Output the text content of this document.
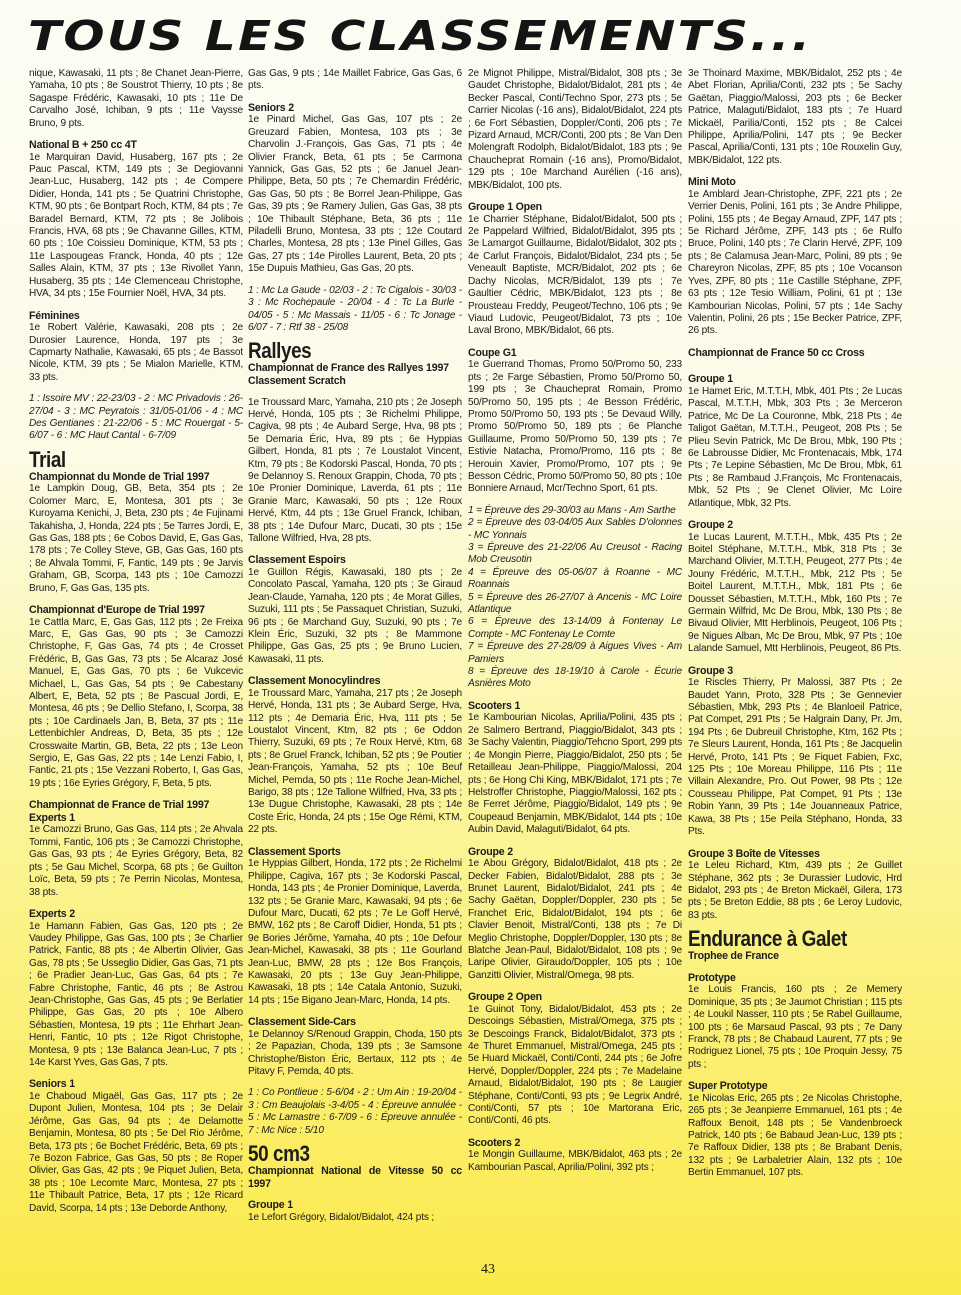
TOUS LES CLASSEMENTS...

nique, Kawasaki, 11 pts ; 8e Chanet Jean-Pierre, Yamaha, 10 pts ; 8e Soustrot Thierry, 10 pts ; 8e Sagaspe Frédéric, Kawasaki, 10 pts ; 11e De Carvalho José, Ichiban, 9 pts ; 11e Vaysse Bruno, 9 pts.

National B + 250 cc 4T

1e Marquiran David, Husaberg, 167 pts ; 2e Pauc Pascal, KTM, 149 pts ; 3e Degiovanni Jean-Luc, Husaberg, 142 pts ; 4e Compere Didier, Honda, 141 pts ; 5e Quatrini Christophe, KTM, 90 pts ; 6e Bontpart Roch, KTM, 84 pts ; 7e Baradel Bernard, KTM, 72 pts ; 8e Jolibois Francis, HVA, 68 pts ; 9e Chavanne Gilles, KTM, 60 pts ; 10e Coissieu Dominique, KTM, 53 pts ; 11e Laspougeas Franck, Honda, 40 pts ; 12e Salles Alain, KTM, 37 pts ; 13e Rivollet Yann, Husaberg, 35 pts ; 14e Clemenceau Christophe, HVA, 34 pts ; 15e Fournier Noël, HVA, 34 pts.

Féminines

1e Robert Valérie, Kawasaki, 208 pts ; 2e Durosier Laurence, Honda, 197 pts ; 3e Capmarty Nathalie, Kawasaki, 65 pts ; 4e Bassot Nicole, KTM, 39 pts ; 5e Mialon Marielle, KTM, 33 pts.

1 : Issoire MV : 22-23/03 - 2 : MC Privadovis : 26-27/04 - 3 : MC Peyratois : 31/05-01/06 - 4 : MC Des Gentianes : 21-22/06 - 5 : MC Rouergat - 5-6/07 - 6 : MC Haut Cantal - 6-7/09

Trial
Championnat du Monde de Trial 1997

1e Lampkin Doug, GB, Beta, 354 pts ; 2e Colomer Marc, E, Montesa, 301 pts ; 3e Kuroyama Kenichi, J, Beta, 230 pts ; 4e Fujinami Takahisha, J, Honda, 224 pts ; 5e Tarres Jordi, E, Gas Gas, 188 pts ; 6e Cobos David, E, Gas Gas, 178 pts ; 7e Colley Steve, GB, Gas Gas, 160 pts ; 8e Ahvala Tommi, F, Fantic, 149 pts ; 9e Jarvis Graham, GB, Scorpa, 143 pts ; 10e Camozzi Bruno, F, Gas Gas, 135 pts.

Championnat d'Europe de Trial 1997

1e Cattla Marc, E, Gas Gas, 112 pts ; 2e Freixa Marc, E, Gas Gas, 90 pts ; 3e Camozzi Christophe, F, Gas Gas, 74 pts ; 4e Crosset Frédéric, B, Gas Gas, 73 pts ; 5e Alcaraz José Manuel, E, Gas Gas, 70 pts ; 6e Vukcevic Michael, L, Gas Gas, 54 pts ; 9e Cabestany Albert, E, Beta, 52 pts ; 8e Pascual Jordi, E, Montesa, 46 pts ; 9e Dellio Stefano, I, Scorpa, 38 pts ; 10e Cardinaels Jan, B, Beta, 37 pts ; 11e Lettenbichler Andreas, D, Beta, 35 pts ; 12e Crosswaite Martin, GB, Beta, 22 pts ; 13e Leon Sergio, E, Gas Gas, 22 pts ; 14e Lenzi Fabio, I, Fantic, 21 pts ; 15e Vezzani Roberto, I, Gas Gas, 19 pts ; 16e Eyries Grégory, F, Beta, 5 pts.

Championnat de France de Trial 1997
Experts 1

1e Camozzi Bruno, Gas Gas, 114 pts ; 2e Ahvala Tommi, Fantic, 106 pts ; 3e Camozzi Christophe, Gas Gas, 93 pts ; 4e Eyries Grégory, Beta, 82 pts ; 5e Gau Michel, Scorpa, 68 pts ; 6e Guilton Loïc, Beta, 59 pts ; 7e Perrin Nicolas, Montesa, 38 pts.

Experts 2

1e Hamann Fabien, Gas Gas, 120 pts ; 2e Vaudey Philippe, Gas Gas, 100 pts ; 3e Charlier Patrick, Fantic, 88 pts ; 4e Albertin Olivier, Gas Gas, 78 pts ; 5e Usseglio Didier, Gas Gas, 71 pts ; 6e Pradier Jean-Luc, Gas Gas, 64 pts ; 7e Fabre Christophe, Fantic, 46 pts ; 8e Astrou Jean-Christophe, Gas Gas, 45 pts ; 9e Berlatier Philippe, Gas Gas, 20 pts ; 10e Albero Sébastien, Montesa, 19 pts ; 11e Ehrhart Jean-Henri, Fantic, 10 pts ; 12e Rigot Christophe, Montesa, 9 pts ; 13e Balanca Jean-Luc, 7 pts ; 14e Karst Yves, Gas Gas, 7 pts.

Seniors 1

1e Chaboud Migaël, Gas Gas, 117 pts ; 2e Dupont Julien, Montesa, 104 pts ; 3e Delair Jérôme, Gas Gas, 94 pts ; 4e Delamotte Benjamin, Montesa, 80 pts ; 5e Del Rio Jérôme, Beta, 173 pts ; 6e Bochet Frédéric, Beta, 69 pts ; 7e Bozon Fabrice, Gas Gas, 50 pts ; 8e Roper Olivier, Gas Gas, 42 pts ; 9e Piquet Julien, Beta, 38 pts ; 10e Lecomte Marc, Montesa, 27 pts ; 11e Thibault Patrice, Beta, 17 pts ; 12e Ricard David, Scorpa, 14 pts ; 13e Deborde Anthony,

Gas Gas, 9 pts ; 14e Maillet Fabrice, Gas Gas, 6 pts.

Seniors 2

1e Pinard Michel, Gas Gas, 107 pts ; 2e Greuzard Fabien, Montesa, 103 pts ; 3e Charvolin J.-François, Gas Gas, 71 pts ; 4e Olivier Franck, Beta, 61 pts ; 5e Carmona Yannick, Gas Gas, 52 pts ; 6e Januel Jean-Philippe, Beta, 50 pts ; 7e Chemardin Frédéric, Gas Gas, 50 pts ; 8e Borrel Jean-Philippe, Gas Gas, 39 pts ; 9e Ramery Julien, Gas Gas, 38 pts ; 10e Thibault Stéphane, Beta, 36 pts ; 11e Piladelli Bruno, Montesa, 33 pts ; 12e Coutard Charles, Montesa, 28 pts ; 13e Pinel Gilles, Gas Gas, 27 pts ; 14e Pirolles Laurent, Beta, 20 pts ; 15e Dupuis Mathieu, Gas Gas, 20 pts.

1 : Mc La Gaude - 02/03 - 2 : Tc Cigalois - 30/03 - 3 : Mc Rochepaule - 20/04 - 4 : Tc La Burle - 04/05 - 5 : Mc Massais - 11/05 - 6 : Tc Jonage - 6/07 - 7 : Rtf 38 - 25/08

Rallyes
Championnat de France des Rallyes 1997
Classement Scratch

1e Troussard Marc, Yamaha, 210 pts ; 2e Joseph Hervé, Honda, 105 pts ; 3e Richelmi Philippe, Cagiva, 98 pts ; 4e Aubard Serge, Hva, 98 pts ; 5e Demaria Éric, Hva, 89 pts ; 6e Hyppias Gilbert, Honda, 81 pts ; 7e Loustalot Vincent, Ktm, 79 pts ; 8e Kodorski Pascal, Honda, 70 pts ; 9e Delannoy S. Renoux Grappin, Choda, 70 pts ; 10e Pronier Dominique, Laverda, 61 pts ; 11e Granie Marc, Kawasaki, 50 pts ; 12e Roux Hervé, Ktm, 44 pts ; 13e Gruel Franck, Ichiban, 38 pts ; 14e Dufour Marc, Ducati, 30 pts ; 15e Tallone Wilfried, Hva, 28 pts.

Classement Espoirs

1e Guillon Régis, Kawasaki, 180 pts ; 2e Concolato Pascal, Yamaha, 120 pts ; 3e Giraud Jean-Claude, Yamaha, 120 pts ; 4e Morat Gilles, Suzuki, 111 pts ; 5e Passaquet Christian, Suzuki, 96 pts ; 6e Marchand Guy, Suzuki, 90 pts ; 7e Klein Éric, Suzuki, 32 pts ; 8e Mammone Philippe, Gas Gas, 25 pts ; 9e Bruno Lucien, Kawasaki, 11 pts.

Classement Monocylindres

1e Troussard Marc, Yamaha, 217 pts ; 2e Joseph Hervé, Honda, 131 pts ; 3e Aubard Serge, Hva, 112 pts ; 4e Demaria Éric, Hva, 111 pts ; 5e Loustalot Vincent, Ktm, 82 pts ; 6e Oddon Thierry, Suzuki, 69 pts ; 7e Roux Hervé, Ktm, 68 pts ; 8e Gruel Franck, Ichiban, 52 pts ; 9e Poutier Jean-François, Yamaha, 52 pts ; 10e Beuf Michel, Pemda, 50 pts ; 11e Roche Jean-Michel, Barigo, 38 pts ; 12e Tallone Wilfried, Hva, 33 pts ; 13e Dugue Christophe, Kawasaki, 28 pts ; 14e Coste Éric, Honda, 24 pts ; 15e Oge Rémi, KTM, 22 pts.

Classement Sports

1e Hyppias Gilbert, Honda, 172 pts ; 2e Richelmi Philippe, Cagiva, 167 pts ; 3e Kodorski Pascal, Honda, 143 pts ; 4e Pronier Dominique, Laverda, 132 pts ; 5e Granie Marc, Kawasaki, 94 pts ; 6e Dufour Marc, Ducati, 62 pts ; 7e Le Goff Hervé, BMW, 162 pts ; 8e Caroff Didier, Honda, 51 pts ; 9e Bories Jérôme, Yamaha, 40 pts ; 10e Defour Jean-Michel, Kawasaki, 38 pts ; 11e Gourland Jean-Luc, BMW, 28 pts ; 12e Bos François, Kawasaki, 20 pts ; 13e Guy Jean-Philippe, Kawasaki, 18 pts ; 14e Catala Antonio, Suzuki, 14 pts ; 15e Bigano Jean-Marc, Honda, 14 pts.

Classement Side-Cars

1e Delannoy S/Renoud Grappin, Choda, 150 pts ; 2e Papazian, Choda, 139 pts ; 3e Samsone Christophe/Biston Éric, Bertaux, 112 pts ; 4e Pitavy F, Pemda, 40 pts.

1 : Co Pontlieue : 5-6/04 - 2 : Um Ain : 19-20/04 - 3 : Cm Beaujolais -3-4/05 - 4 : Épreuve annulée - 5 : Mc Lamastre : 6-7/09 - 6 : Épreuve annulée - 7 : Mc Nice : 5/10

50 cm3
Championnat National de Vitesse 50 cc 1997
Groupe 1

1e Lefort Grégory, Bidalot/Bidalot, 424 pts ;

2e Mignot Philippe, Mistral/Bidalot, 308 pts ; 3e Gaudet Christophe, Bidalot/Bidalot, 281 pts ; 4e Becker Pascal, Conti/Techno Spor, 273 pts ; 5e Carrier Nicolas (-16 ans), Bidalot/Bidalot, 224 pts ; 6e Fort Sébastien, Doppler/Conti, 206 pts ; 7e Pizard Arnaud, MCR/Conti, 200 pts ; 8e Van Den Molengraft Rodolph, Bidalot/Bidalot, 183 pts ; 9e Chaucheprat Romain (-16 ans), Promo/Bidalot, 129 pts ; 10e Marchand Aurélien (-16 ans), MBK/Bidalot, 100 pts.

Groupe 1 Open

1e Charrier Stéphane, Bidalot/Bidalot, 500 pts ; 2e Pappelard Wilfried, Bidalot/Bidalot, 395 pts ; 3e Lamargot Guillaume, Bidalot/Bidalot, 302 pts ; 4e Carlut François, Bidalot/Bidalot, 234 pts ; 5e Veneault Baptiste, MCR/Bidalot, 202 pts ; 6e Dachy Nicolas, MCR/Bidalot, 139 pts ; 7e Gaultier Cédric, MBK/Bidalot, 123 pts ; 8e Prousteau Freddy, Peugeot/Techno, 106 pts ; 9e Viaud Ludovic, Peugeot/Bidalot, 73 pts ; 10e Laval Brono, MBK/Bidalot, 66 pts.

Coupe G1

1e Guerrand Thomas, Promo 50/Promo 50, 233 pts ; 2e Farge Sébastien, Promo 50/Promo 50, 199 pts ; 3e Chaucheprat Romain, Promo 50/Promo 50, 195 pts ; 4e Besson Frédéric, Promo 50/Promo 50, 193 pts ; 5e Devaud Willy, Promo 50/Promo 50, 189 pts ; 6e Planche Guillaume, Promo 50/Promo 50, 139 pts ; 7e Estivie Natacha, Promo/Promo, 116 pts ; 8e Herouin Xavier, Promo/Promo, 107 pts ; 9e Besson Cédric, Promo 50/Promo 50, 80 pts ; 10e Bonniere Arnaud, Mcr/Techno Sport, 61 pts.

1 = Épreuve des 29-30/03 au Mans - Am Sarthe

2 = Épreuve des 03-04/05 Aux Sables D'olonnes - MC Yonnais

3 = Épreuve des 21-22/06 Au Creusot - Racing Mob Creusotin

4 = Épreuve des 05-06/07 à Roanne - MC Roannais

5 = Épreuve des 26-27/07 à Ancenis - MC Loire Atlantique

6 = Épreuve des 13-14/09 à Fontenay Le Compte - MC Fontenay Le Comte

7 = Épreuve des 27-28/09 à Aigues Vives - Am Pamiers

8 = Épreuve des 18-19/10 à Carole - Écurie Asnières Moto

Scooters 1

1e Kambourian Nicolas, Aprilia/Polini, 435 pts ; 2e Salmero Bertrand, Piaggio/Bidalot, 343 pts ; 3e Sachy Valentin, Piaggio/Tehcno Sport, 299 pts ; 4e Mongin Pierre, Piaggio/Bidalot, 250 pts ; 5e Retailleau Jean-Philippe, Piaggio/Malossi, 204 pts ; 6e Hong Chi King, MBK/Bidalot, 171 pts ; 7e Helstroffer Christophe, Piaggio/Malossi, 162 pts ; 8e Ferret Jérôme, Piaggio/Bidalot, 149 pts ; 9e Coupeaud Benjamin, MBK/Bidalot, 144 pts ; 10e Aubin David, Malaguti/Bidalot, 64 pts.

Groupe 2

1e Abou Grégory, Bidalot/Bidalot, 418 pts ; 2e Decker Fabien, Bidalot/Bidalot, 288 pts ; 3e Brunet Laurent, Bidalot/Bidalot, 241 pts ; 4e Sachy Gaëtan, Doppler/Doppler, 230 pts ; 5e Franchet Eric, Bidalot/Bidalot, 194 pts ; 6e Clavier Benoit, Mistral/Conti, 138 pts ; 7e Di Meglio Christophe, Doppler/Doppler, 130 pts ; 8e Blatche Jean-Paul, Bidalot/Bidalot, 108 pts ; 9e Laripe Olivier, Giraudo/Doppler, 105 pts ; 10e Ganzitti Olivier, Mistral/Omega, 98 pts.

Groupe 2 Open

1e Guinot Tony, Bidalot/Bidalot, 453 pts ; 2e Descoings Sébastien, Mistral/Omega, 375 pts ; 3e Descoings Franck, Bidalot/Bidalot, 373 pts ; 4e Thuret Emmanuel, Mistral/Omega, 245 pts ; 5e Huard Mickaël, Conti/Conti, 244 pts ; 6e Jofre Hervé, Doppler/Doppler, 224 pts ; 7e Madelaine Arnaud, Bidalot/Bidalot, 190 pts ; 8e Laugier Stéphane, Conti/Conti, 93 pts ; 9e Legrix André, Conti/Conti, 57 pts ; 10e Martorana Eric, Conti/Conti, 46 pts.

Scooters 2

1e Mongin Guillaume, MBK/Bidalot, 463 pts ; 2e Kambourian Pascal, Aprilia/Polini, 392 pts ;

3e Thoinard Maxime, MBK/Bidalot, 252 pts ; 4e Abet Florian, Aprilia/Conti, 232 pts ; 5e Sachy Gaëtan, Piaggio/Malossi, 203 pts ; 6e Becker Patrice, Malaguti/Bidalot, 183 pts ; 7e Huard Mickaël, Parilia/Conti, 152 pts ; 8e Calcei Philippe, Aprilia/Polini, 147 pts ; 9e Becker Pascal, Aprilia/Conti, 131 pts ; 10e Rouxelin Guy, MBK/Bidalot, 122 pts.

Mini Moto

1e Amblard Jean-Christophe, ZPF, 221 pts ; 2e Verrier Denis, Polini, 161 pts ; 3e Andre Philippe, Polini, 155 pts ; 4e Begay Arnaud, ZPF, 147 pts ; 5e Richard Jérôme, ZPF, 143 pts ; 6e Rulfo Bruce, Polini, 140 pts ; 7e Clarin Hervé, ZPF, 109 pts ; 8e Calamusa Jean-Marc, Polini, 89 pts ; 9e Chareyron Nicolas, ZPF, 85 pts ; 10e Vocanson Yves, ZPF, 80 pts ; 11e Castille Stéphane, ZPF, 63 pts ; 12e Tesio William, Polini, 61 pt ; 13e Kambourian Nicolas, Polini, 57 pts ; 14e Sachy Valentin, Polini, 26 pts ; 15e Becker Patrice, ZPF, 26 pts.

Championnat de France 50 cc Cross
Groupe 1

1e Hamet Eric, M.T.T.H, Mbk, 401 Pts ; 2e Lucas Pascal, M.T.T.H, Mbk, 303 Pts ; 3e Merceron Patrice, Mc De La Couronne, Mbk, 218 Pts ; 4e Taligot Gaëtan, M.T.T.H., Peugeot, 208 Pts ; 5e Plieu Sevin Patrick, Mc De Brou, Mbk, 190 Pts ; 6e Labrousse Didier, Mc Frontenacais, Mbk, 174 Pts ; 7e Lepine Sébastien, Mc De Brou, Mbk, 61 Pts ; 8e Rambaud J.François, Mc Frontenacais, Mbk, 52 Pts ; 9e Clenet Olivier, Mc Loire Atlantique, Mbk, 32 Pts.

Groupe 2

1e Lucas Laurent, M.T.T.H., Mbk, 435 Pts ; 2e Boitel Stéphane, M.T.T.H., Mbk, 318 Pts ; 3e Marchand Olivier, M.T.T.H, Peugeot, 277 Pts ; 4e Jouny Frédéric, M.T.T.H., Mbk, 212 Pts ; 5e Boitel Laurent, M.T.T.H., Mbk, 181 Pts ; 6e Dousset Sébastien, M.T.T.H., Mbk, 160 Pts ; 7e Germain Wilfrid, Mc De Brou, Mbk, 130 Pts ; 8e Bivaud Olivier, Mtt Herblinois, Peugeot, 106 Pts ; 9e Nigues Alban, Mc De Brou, Mbk, 97 Pts ; 10e Lalande Samuel, Mtt Herblinois, Peugeot, 86 Pts.

Groupe 3

1e Riscles Thierry, Pr Malossi, 387 Pts ; 2e Baudet Yann, Proto, 328 Pts ; 3e Gennevier Sébastien, Mbk, 293 Pts ; 4e Blanloeil Patrice, Pat Compet, 291 Pts ; 5e Halgrain Dany, Pr. Jm, 194 Pts ; 6e Dubreuil Christophe, Ktm, 162 Pts ; 7e Sleurs Laurent, Honda, 161 Pts ; 8e Jacquelin Hervé, Proto, 141 Pts ; 9e Fiquet Fabien, Fxc, 125 Pts ; 10e Moreau Philippe, 116 Pts ; 11e Villain Alexandre, Pro. Out Power, 98 Pts ; 12e Cousseau Philippe, Pat Compet, 91 Pts ; 13e Robin Yann, 39 Pts ; 14e Jouanneaux Patrice, Kawa, 38 Pts ; 15e Peila Stéphano, Honda, 33 Pts.

Groupe 3 Boîte de Vitesses

1e Leleu Richard, Ktm, 439 pts ; 2e Guillet Stéphane, 362 pts ; 3e Durassier Ludovic, Hrd Bidalot, 293 pts ; 4e Breton Mickaël, Gilera, 173 pts ; 5e Breton Eddie, 88 pts ; 6e Leroy Ludovic, 83 pts.

Endurance à Galet
Trophee de France
Prototype

1e Louis Francis, 160 pts ; 2e Memery Dominique, 35 pts ; 3e Jaumot Christian ; 115 pts ; 4e Loukil Nasser, 110 pts ; 5e Rabel Guillaume, 100 pts ; 6e Marsaud Pascal, 93 pts ; 7e Dany Franck, 78 pts ; 8e Chabaud Laurent, 77 pts ; 9e Rodriguez Lionel, 75 pts ; 10e Proquin Jessy, 75 pts ;

Super Prototype

1e Nicolas Eric, 265 pts ; 2e Nicolas Christophe, 265 pts ; 3e Jeanpierre Emmanuel, 161 pts ; 4e Raffoux Benoit, 148 pts ; 5e Vandenbroeck Patrick, 140 pts ; 6e Babaud Jean-Luc, 139 pts ; 7e Raffoux Didier, 138 pts ; 8e Brabant Denis, 132 pts ; 9e Larbaletrier Alain, 132 pts ; 10e Bertin Emmanuel, 107 pts.

43
